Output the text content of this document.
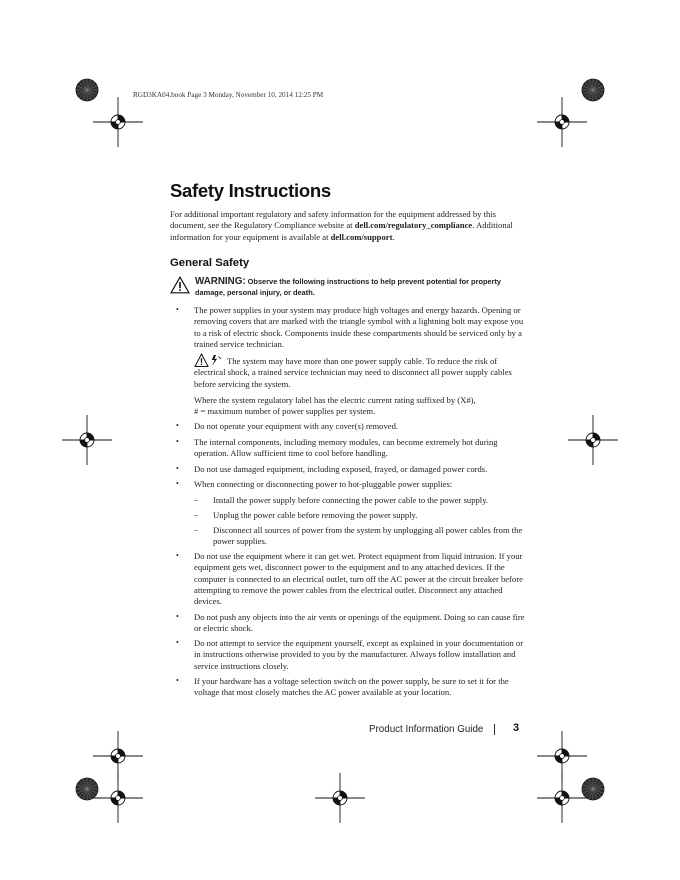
RGD3KA04.book Page 3 Monday, November 10, 2014 12:25 PM
Safety Instructions

For additional important regulatory and safety information for the equipment addressed by this document, see the Regulatory Compliance website at dell.com/regulatory_compliance. Additional information for your equipment is available at dell.com/support.

General Safety

WARNING: Observe the following instructions to help prevent potential for property damage, personal injury, or death.

• The power supplies in your system may produce high voltages and energy hazards. Opening or removing covers that are marked with the triangle symbol with a lightning bolt may expose you to a risk of electric shock. Components inside these compartments should be serviced only by a trained service technician.

The system may have more than one power supply cable. To reduce the risk of electrical shock, a trained service technician may need to disconnect all power supply cables before servicing the system.

Where the system regulatory label has the electric current rating suffixed by (X#),

# = maximum number of power supplies per system.

• Do not operate your equipment with any cover(s) removed.

• The internal components, including memory modules, can become extremely hot during operation. Allow sufficient time to cool before handling.

• Do not use damaged equipment, including exposed, frayed, or damaged power cords.

• When connecting or disconnecting power to hot-pluggable power supplies:

– Install the power supply before connecting the power cable to the power supply.

– Unplug the power cable before removing the power supply.

– Disconnect all sources of power from the system by unplugging all power cables from the power supplies.

• Do not use the equipment where it can get wet. Protect equipment from liquid intrusion. If your equipment gets wet, disconnect power to the equipment and to any attached devices. If the computer is connected to an electrical outlet, turn off the AC power at the circuit breaker before attempting to remove the power cables from the electrical outlet. Disconnect any attached devices.

• Do not push any objects into the air vents or openings of the equipment. Doing so can cause fire or electric shock.

• Do not attempt to service the equipment yourself, except as explained in your documentation or in instructions otherwise provided to you by the manufacturer. Always follow installation and service instructions closely.

• If your hardware has a voltage selection switch on the power supply, be sure to set it for the voltage that most closely matches the AC power available at your location.

Product Information Guide	3
